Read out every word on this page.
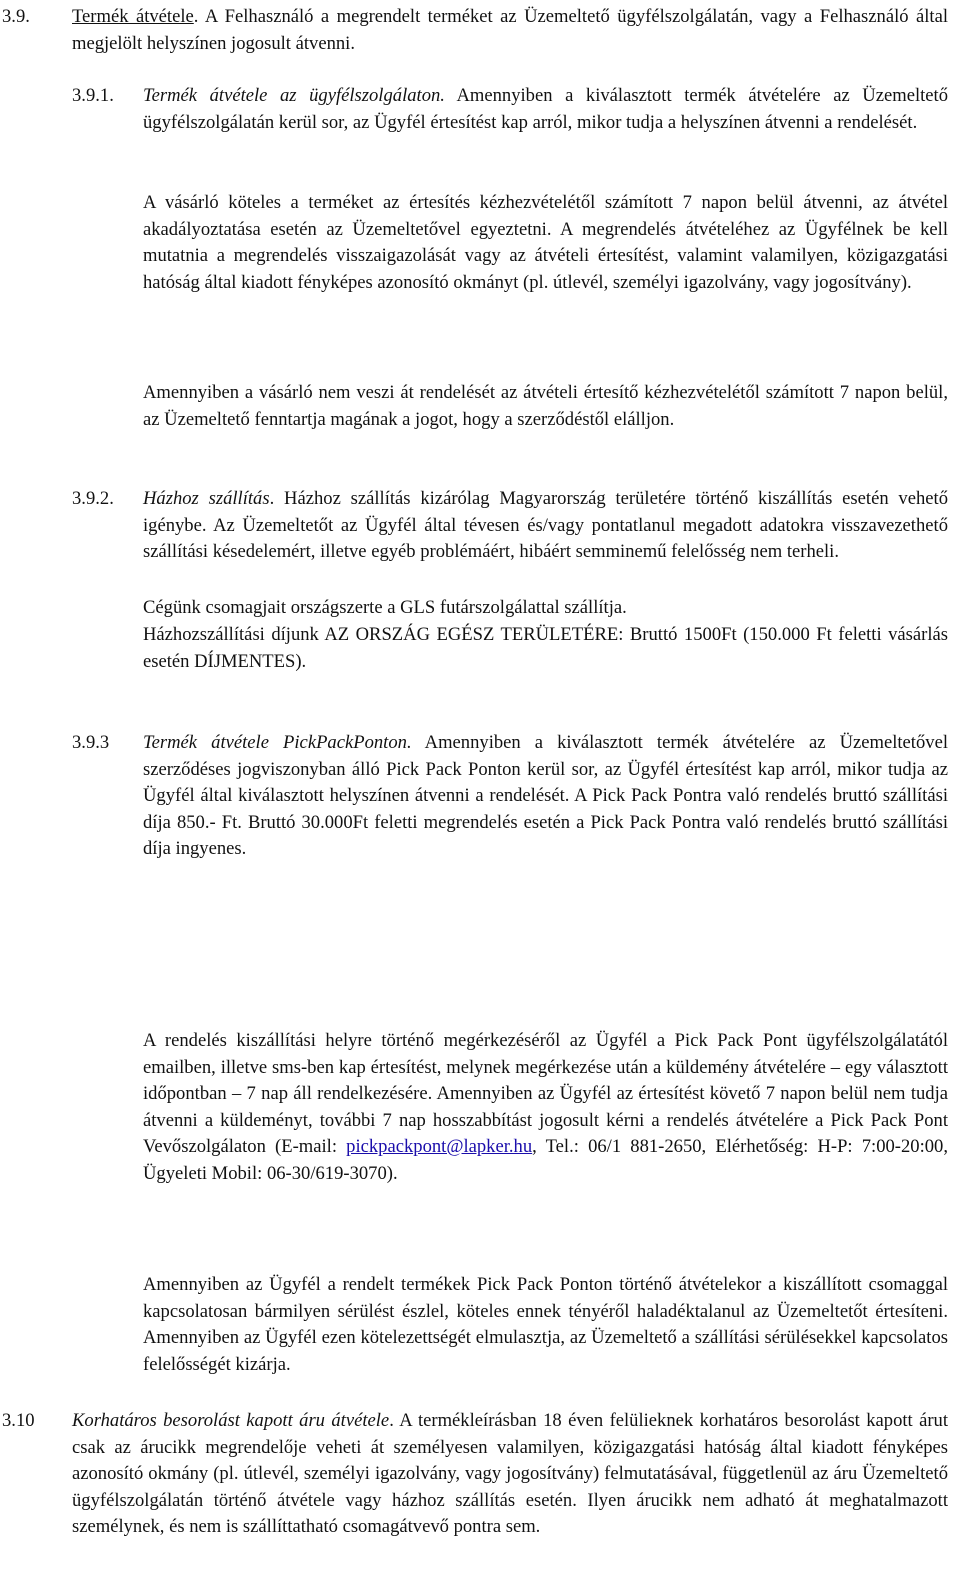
3.9. Termék átvétele. A Felhasználó a megrendelt terméket az Üzemeltető ügyfélszolgálatán, vagy a Felhasználó által megjelölt helyszínen jogosult átvenni.

3.9.1. Termék átvétele az ügyfélszolgálaton. Amennyiben a kiválasztott termék átvételére az Üzemeltető ügyfélszolgálatán kerül sor, az Ügyfél értesítést kap arról, mikor tudja a helyszínen átvenni a rendelését.

A vásárló köteles a terméket az értesítés kézhezvételétől számított 7 napon belül átvenni, az átvétel akadályoztatása esetén az Üzemeltetővel egyeztetni. A megrendelés átvételéhez az Ügyfélnek be kell mutatnia a megrendelés visszaigazolását vagy az átvételi értesítést, valamint valamilyen, közigazgatási hatóság által kiadott fényképes azonosító okmányt (pl. útlevél, személyi igazolvány, vagy jogosítvány).

Amennyiben a vásárló nem veszi át rendelését az átvételi értesítő kézhezvételétől számított 7 napon belül, az Üzemeltető fenntartja magának a jogot, hogy a szerződéstől elálljon.

3.9.2. Házhoz szállítás. Házhoz szállítás kizárólag Magyarország területére történő kiszállítás esetén vehető igénybe. Az Üzemeltetőt az Ügyfél által tévesen és/vagy pontatlanul megadott adatokra visszavezethető szállítási késedelemért, illetve egyéb problémáért, hibáért semminemű felelősség nem terheli.

Cégünk csomagjait országszerte a GLS futárszolgálattal szállítja.

Házhozszállítási díjunk AZ ORSZÁG EGÉSZ TERÜLETÉRE: Bruttó 1500Ft (150.000 Ft feletti vásárlás esetén DÍJMENTES).

3.9.3 Termék átvétele PickPackPonton. Amennyiben a kiválasztott termék átvételére az Üzemeltetővel szerződéses jogviszonyban álló Pick Pack Ponton kerül sor, az Ügyfél értesítést kap arról, mikor tudja az Ügyfél által kiválasztott helyszínen átvenni a rendelését. A Pick Pack Pontra való rendelés bruttó szállítási díja 850.- Ft. Bruttó 30.000Ft feletti megrendelés esetén a Pick Pack Pontra való rendelés bruttó szállítási díja ingyenes.

A rendelés kiszállítási helyre történő megérkezéséről az Ügyfél a Pick Pack Pont ügyfélszolgálatától emailben, illetve sms-ben kap értesítést, melynek megérkezése után a küldemény átvételére – egy választott időpontban – 7 nap áll rendelkezésére. Amennyiben az Ügyfél az értesítést követő 7 napon belül nem tudja átvenni a küldeményt, további 7 nap hosszabbítást jogosult kérni a rendelés átvételére a Pick Pack Pont Vevőszolgálaton (E-mail: pickpackpont@lapker.hu, Tel.: 06/1 881-2650, Elérhetőség: H-P: 7:00-20:00, Ügyeleti Mobil: 06-30/619-3070).

Amennyiben az Ügyfél a rendelt termékek Pick Pack Ponton történő átvételekor a kiszállított csomaggal kapcsolatosan bármilyen sérülést észlel, köteles ennek tényéről haladéktalanul az Üzemeltetőt értesíteni. Amennyiben az Ügyfél ezen kötelezettségét elmulasztja, az Üzemeltető a szállítási sérülésekkel kapcsolatos felelősségét kizárja.

3.10 Korhatáros besorolást kapott áru átvétele. A termékleírásban 18 éven felülieknek korhatáros besorolást kapott árut csak az árucikk megrendelője veheti át személyesen valamilyen, közigazgatási hatóság által kiadott fényképes azonosító okmány (pl. útlevél, személyi igazolvány, vagy jogosítvány) felmutatásával, függetlenül az áru Üzemeltető ügyfélszolgálatán történő átvétele vagy házhoz szállítás esetén. Ilyen árucikk nem adható át meghatalmazott személynek, és nem is szállíttatható csomagátvevő pontra sem.
